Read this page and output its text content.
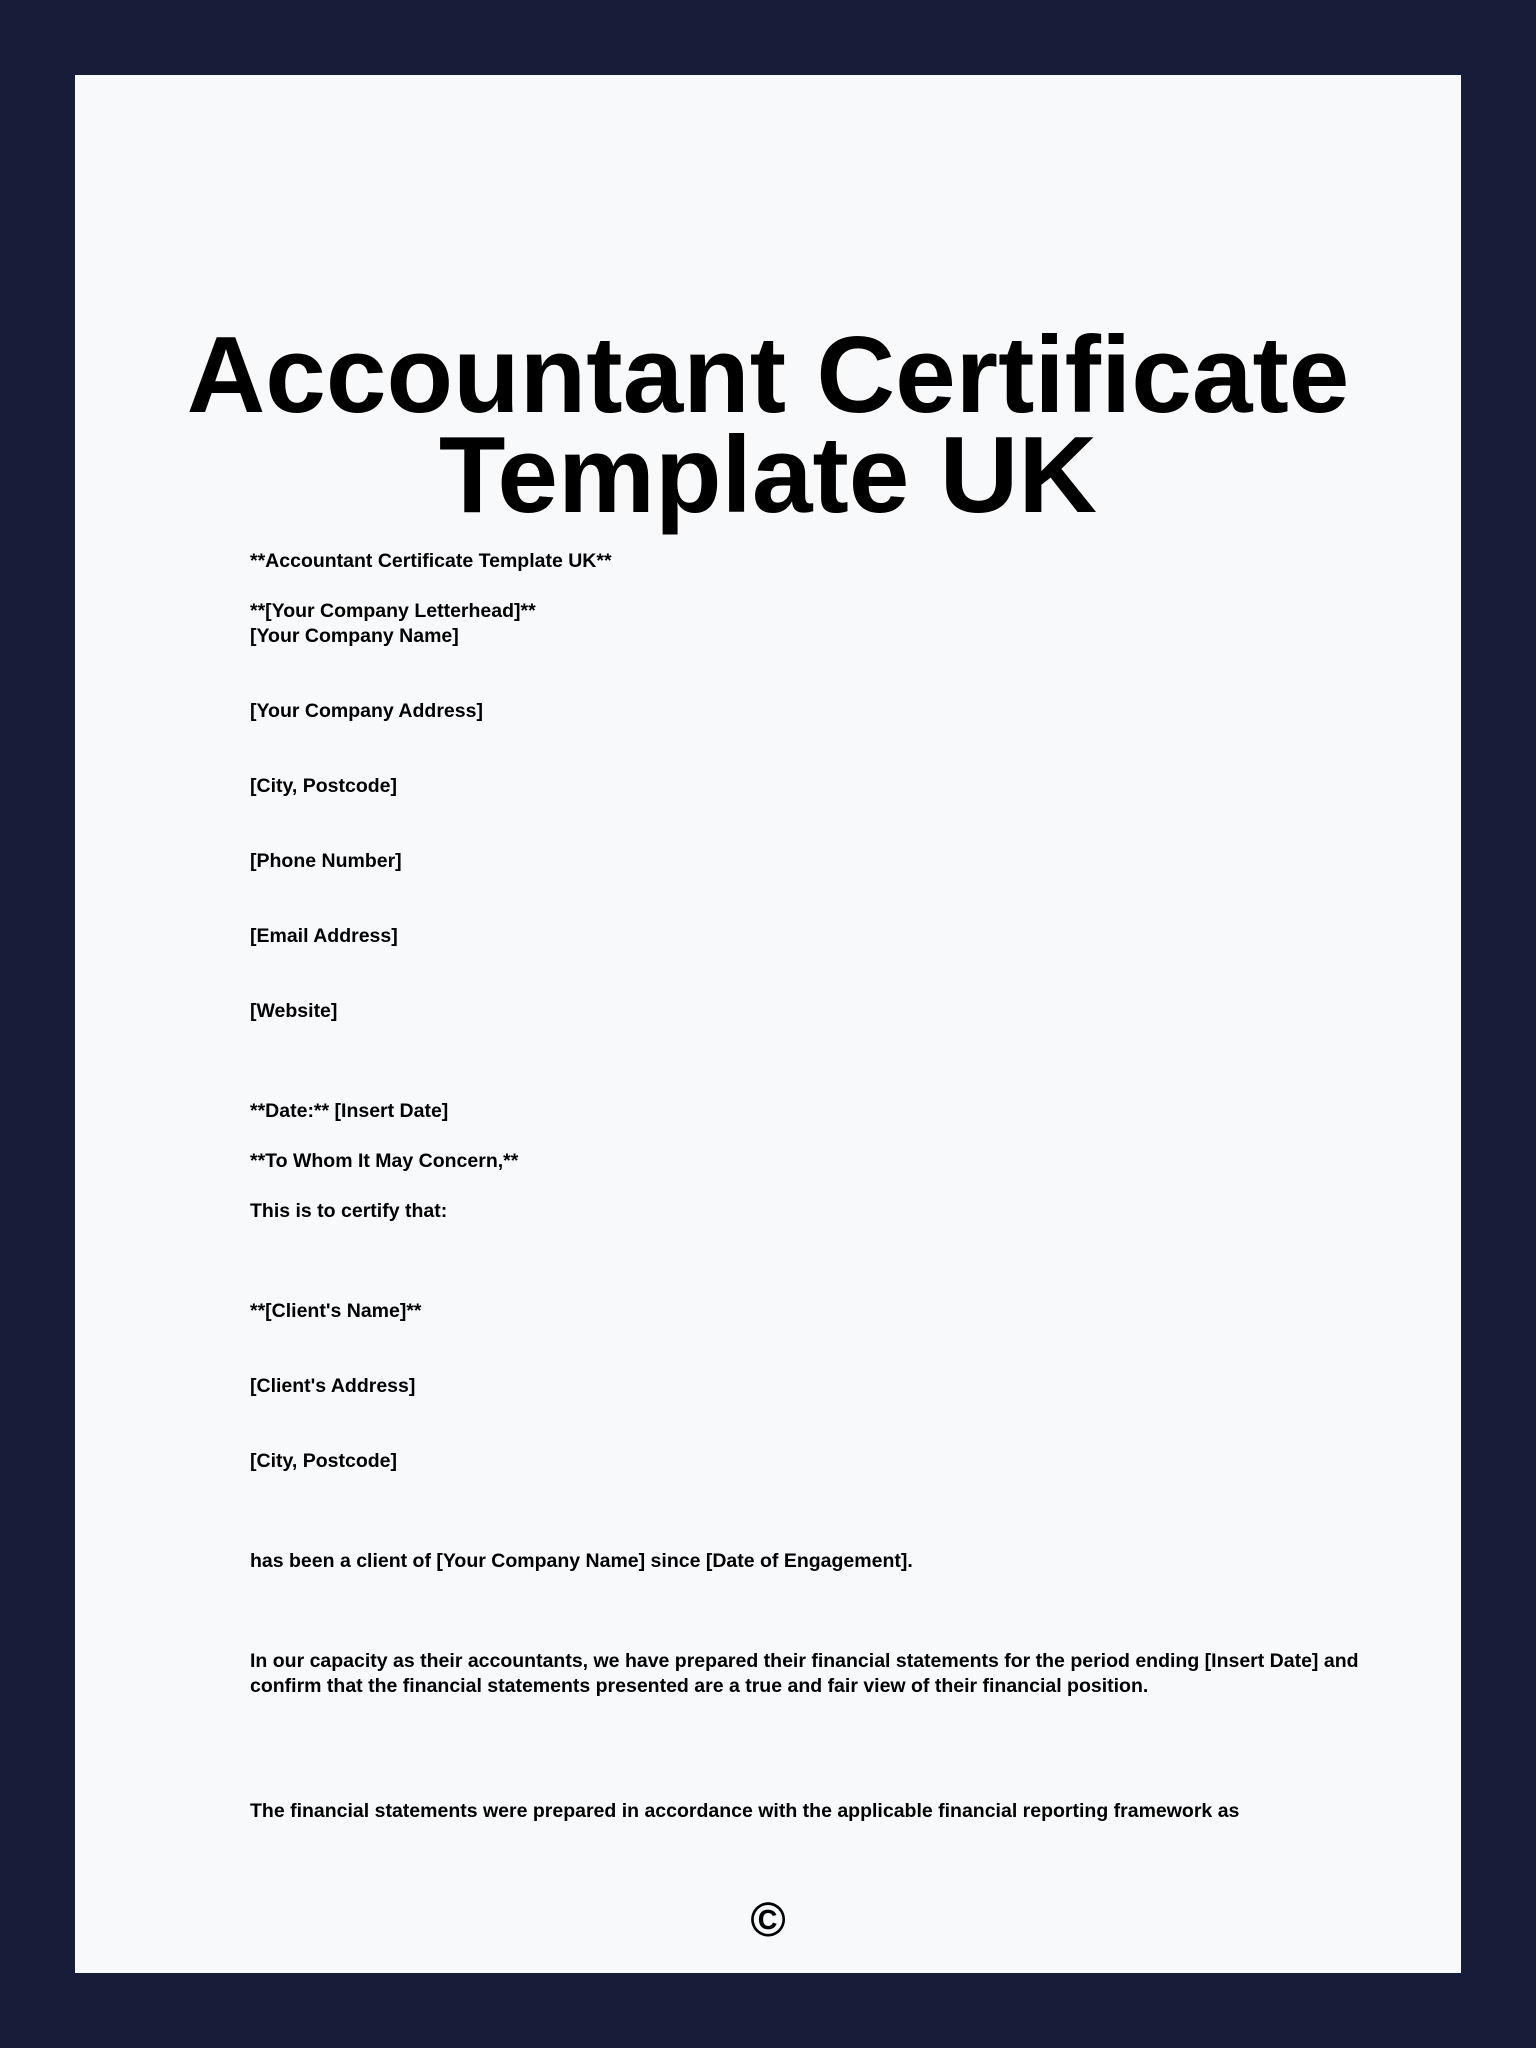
Accountant Certificate Template UK

**Accountant Certificate Template UK**

**[Your Company Letterhead]**

[Your Company Name]

[Your Company Address]

[City, Postcode]

[Phone Number]

[Email Address]

[Website]

**Date:** [Insert Date]

**To Whom It May Concern,**

This is to certify that:

**[Client's Name]**

[Client's Address]

[City, Postcode]

has been a client of [Your Company Name] since [Date of Engagement].

In our capacity as their accountants, we have prepared their financial statements for the period ending [Insert Date] and confirm that the financial statements presented are a true and fair view of their financial position.

The financial statements were prepared in accordance with the applicable financial reporting framework as

©
